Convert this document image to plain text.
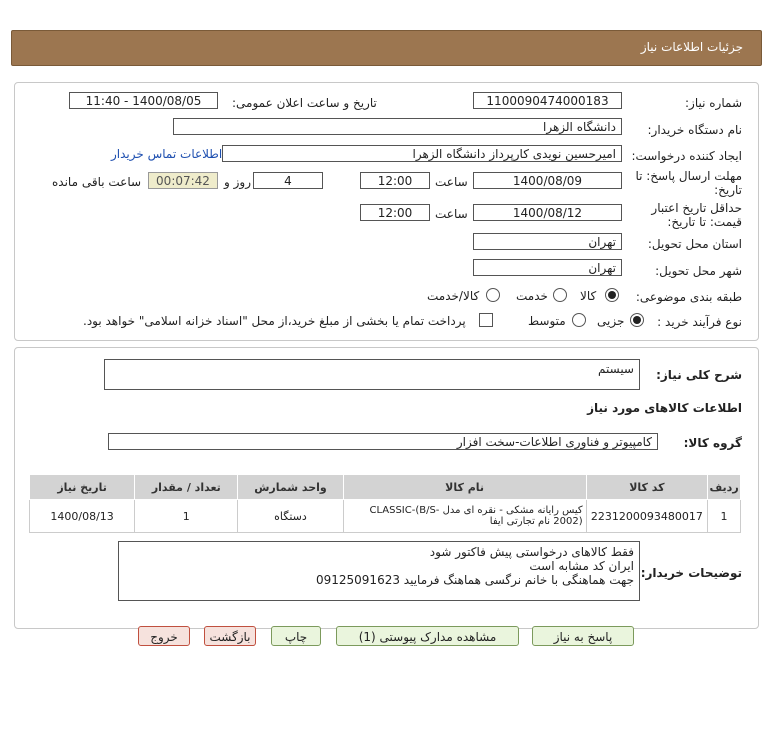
جزئیات اطلاعات نیاز
شماره نیاز:
1100090474000183
تاریخ و ساعت اعلان عمومی:
1400/08/05 - 11:40
نام دستگاه خریدار:
دانشگاه الزهرا
ایجاد کننده درخواست:
امیرحسین نویدی کارپرداز دانشگاه الزهرا
اطلاعات تماس خریدار
مهلت ارسال پاسخ: تا
تاریخ:
1400/08/09
ساعت
12:00
4
روز و
00:07:42
ساعت باقی مانده
حداقل تاریخ اعتبار
قیمت: تا تاریخ:
1400/08/12
ساعت
12:00
استان محل تحویل:
تهران
شهر محل تحویل:
تهران
طبقه بندی موضوعی:
کالا
خدمت
کالا/خدمت
نوع فرآیند خرید :
جزیی
متوسط
پرداخت تمام یا بخشی از مبلغ خرید،از محل "اسناد خزانه اسلامی" خواهد بود.
شرح کلی نیاز:
سیستم
اطلاعات کالاهای مورد نیاز
گروه کالا:
کامپیوتر و فناوری اطلاعات-سخت افزار
ردیف	کد کالا	نام کالا	واحد شمارش	تعداد / مقدار	تاریخ نیاز
1	2231200093480017	کیس رایانه مشکی - نقره ای مدل CLASSIC-(B/S-2002) نام تجارتی ایفا	دستگاه	1	1400/08/13
توضیحات خریدار:
فقط کالاهای درخواستی پیش فاکتور شود
ایران کد مشابه است
جهت هماهنگی با خانم نرگسی هماهنگ فرمایید 09125091623
پاسخ به نیاز
مشاهده مدارک پیوستی (1)
چاپ
بازگشت
خروج
